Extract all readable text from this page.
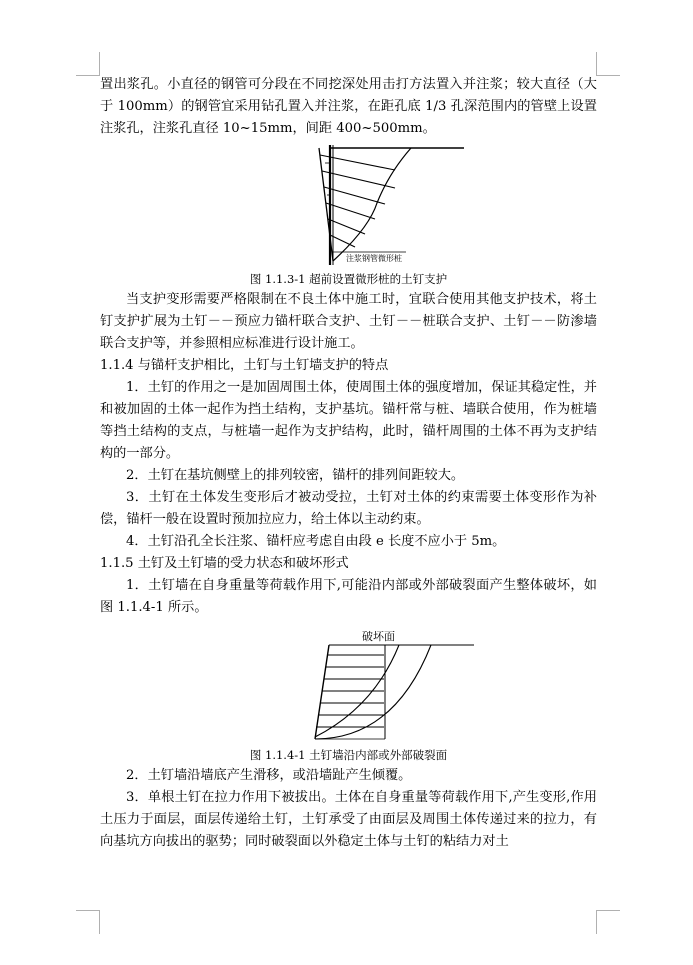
置出浆孔。小直径的钢管可分段在不同挖深处用击打方法置入并注浆；较大直径（大于 100mm）的钢管宜采用钻孔置入并注浆，在距孔底 1/3 孔深范围内的管壁上设置注浆孔，注浆孔直径 10~15mm，间距 400~500mm。

注浆钢管微形桩

图 1.1.3-1 超前设置微形桩的土钉支护

当支护变形需要严格限制在不良土体中施工时，宜联合使用其他支护技术，将土钉支护扩展为土钉－－预应力锚杆联合支护、土钉－－桩联合支护、土钉－－防渗墙联合支护等，并参照相应标准进行设计施工。

1.1.4 与锚杆支护相比，土钉与土钉墙支护的特点

1．土钉的作用之一是加固周围土体，使周围土体的强度增加，保证其稳定性，并和被加固的土体一起作为挡土结构，支护基坑。锚杆常与桩、墙联合使用，作为桩墙等挡土结构的支点，与桩墙一起作为支护结构，此时，锚杆周围的土体不再为支护结构的一部分。

2．土钉在基坑侧壁上的排列较密，锚杆的排列间距较大。

3．土钉在土体发生变形后才被动受拉，土钉对土体的约束需要土体变形作为补偿，锚杆一般在设置时预加拉应力，给土体以主动约束。

4．土钉沿孔全长注浆、锚杆应考虑自由段 e 长度不应小于 5m。

1.1.5 土钉及土钉墙的受力状态和破坏形式

1．土钉墙在自身重量等荷载作用下,可能沿内部或外部破裂面产生整体破坏，如图 1.1.4-1 所示。

破坏面

图 1.1.4-1 土钉墙沿内部或外部破裂面

2．土钉墙沿墙底产生滑移，或沿墙趾产生倾覆。

3．单根土钉在拉力作用下被拔出。土体在自身重量等荷载作用下,产生变形,作用土压力于面层，面层传递给土钉，土钉承受了由面层及周围土体传递过来的拉力，有向基坑方向拔出的驱势；同时破裂面以外稳定土体与土钉的粘结力对土
